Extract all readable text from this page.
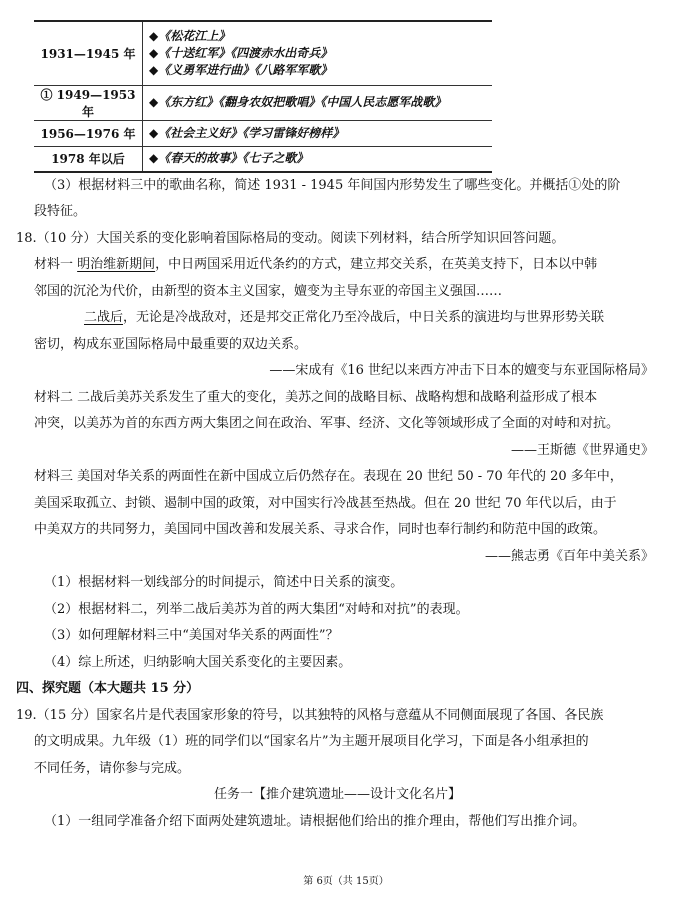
1931—1945 年	◆《松花江上》
◆《十送红军》《四渡赤水出奇兵》
◆《义勇军进行曲》《八路军军歌》

① 1949—1953 年	◆《东方红》《翻身农奴把歌唱》《中国人民志愿军战歌》

1956—1976 年	◆《社会主义好》《学习雷锋好榜样》

1978 年以后	◆《春天的故事》《七子之歌》
（3）根据材料三中的歌曲名称，简述 1931 - 1945 年间国内形势发生了哪些变化。并概括①处的阶
段特征。
18.（10 分）大国关系的变化影响着国际格局的变动。阅读下列材料，结合所学知识回答问题。
材料一 明治维新期间，中日两国采用近代条约的方式，建立邦交关系，在英美支持下，日本以中韩
邻国的沉沦为代价，由新型的资本主义国家，嬗变为主导东亚的帝国主义强国……
二战后，无论是冷战敌对，还是邦交正常化乃至冷战后，中日关系的演进均与世界形势关联
密切，构成东亚国际格局中最重要的双边关系。
——宋成有《16 世纪以来西方冲击下日本的嬗变与东亚国际格局》
材料二 二战后美苏关系发生了重大的变化，美苏之间的战略目标、战略构想和战略利益形成了根本
冲突，以美苏为首的东西方两大集团之间在政治、军事、经济、文化等领域形成了全面的对峙和对抗。
——王斯德《世界通史》
材料三 美国对华关系的两面性在新中国成立后仍然存在。表现在 20 世纪 50 - 70 年代的 20 多年中，
美国采取孤立、封锁、遏制中国的政策，对中国实行冷战甚至热战。但在 20 世纪 70 年代以后，由于
中美双方的共同努力，美国同中国改善和发展关系、寻求合作，同时也奉行制约和防范中国的政策。
——熊志勇《百年中美关系》
（1）根据材料一划线部分的时间提示，简述中日关系的演变。
（2）根据材料二，列举二战后美苏为首的两大集团“对峙和对抗”的表现。
（3）如何理解材料三中“美国对华关系的两面性”？
（4）综上所述，归纳影响大国关系变化的主要因素。
四、探究题（本大题共 15 分）
19.（15 分）国家名片是代表国家形象的符号，以其独特的风格与意蕴从不同侧面展现了各国、各民族
的文明成果。九年级（1）班的同学们以“国家名片”为主题开展项目化学习，下面是各小组承担的
不同任务，请你参与完成。
任务一【推介建筑遗址——设计文化名片】
（1）一组同学准备介绍下面两处建筑遗址。请根据他们给出的推介理由，帮他们写出推介词。
第 6页（共 15页）
